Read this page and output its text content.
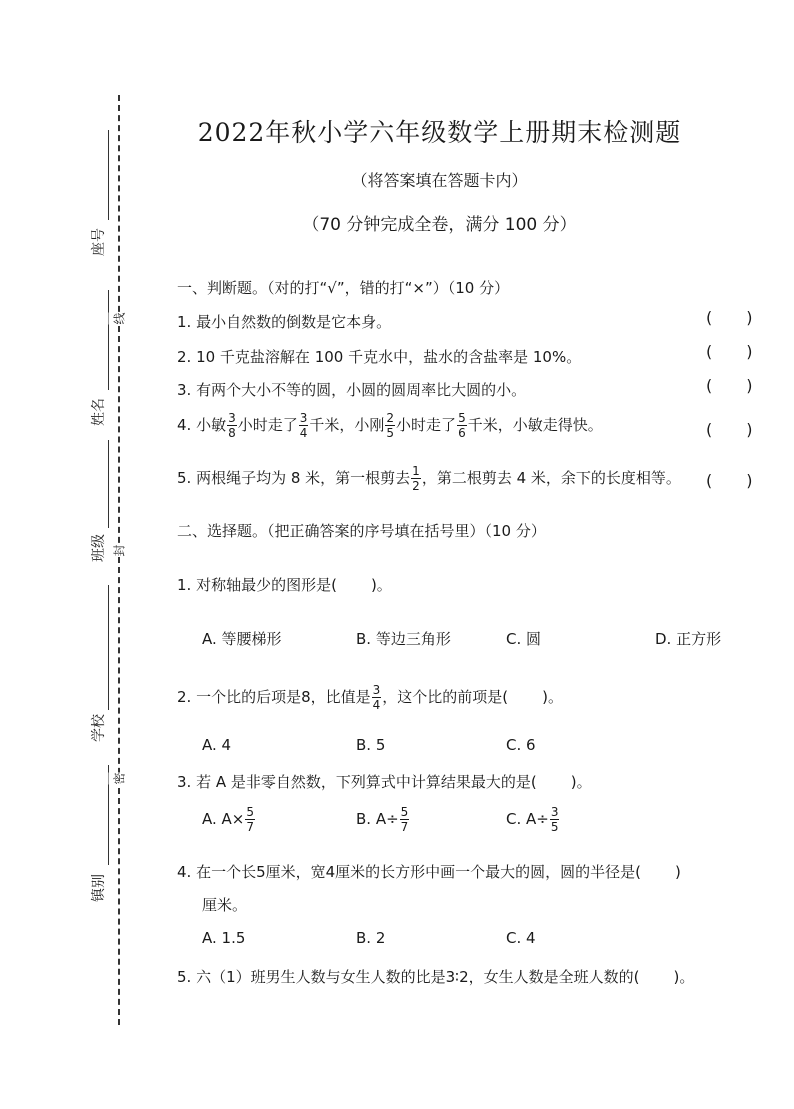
座号
姓名
班级
学校
镇别
线
封
密
2022年秋小学六年级数学上册期末检测题
（将答案填在答题卡内）
（70 分钟完成全卷，满分 100 分）
一、判断题。（对的打“√”，错的打“×”）（10 分）
1. 最小自然数的倒数是它本身。	( )
2. 10 千克盐溶解在 100 千克水中，盐水的含盐率是 10%。	( )
3. 有两个大小不等的圆，小圆的圆周率比大圆的小。	( )
4. 小敏 $\frac{3}{8}$ 小时走了 $\frac{3}{4}$ 千米，小刚 $\frac{2}{5}$ 小时走了 $\frac{5}{6}$ 千米，小敏走得快。	( )
5. 两根绳子均为 8 米，第一根剪去 $\frac{1}{2}$ ，第二根剪去 4 米，余下的长度相等。 ( )
二、选择题。（把正确答案的序号填在括号里）（10 分）
1. 对称轴最少的图形是( )。
A. 等腰梯形	B. 等边三角形	C. 圆	D. 正方形
2. 一个比的后项是8，比值是 $\frac{3}{4}$ ，这个比的前项是( )。
A. 4	B. 5	C. 6
3. 若 A 是非零自然数，下列算式中计算结果最大的是( )。
A. $A\times \frac{5}{7}$	B. $A\div \frac{5}{7}$	C. $A\div \frac{3}{5}$
4. 在一个长5厘米，宽4厘米的长方形中画一个最大的圆，圆的半径是( )
厘米。
A. 1.5	B. 2	C. 4
5. 六（1）班男生人数与女生人数的比是3∶2，女生人数是全班人数的( )。
